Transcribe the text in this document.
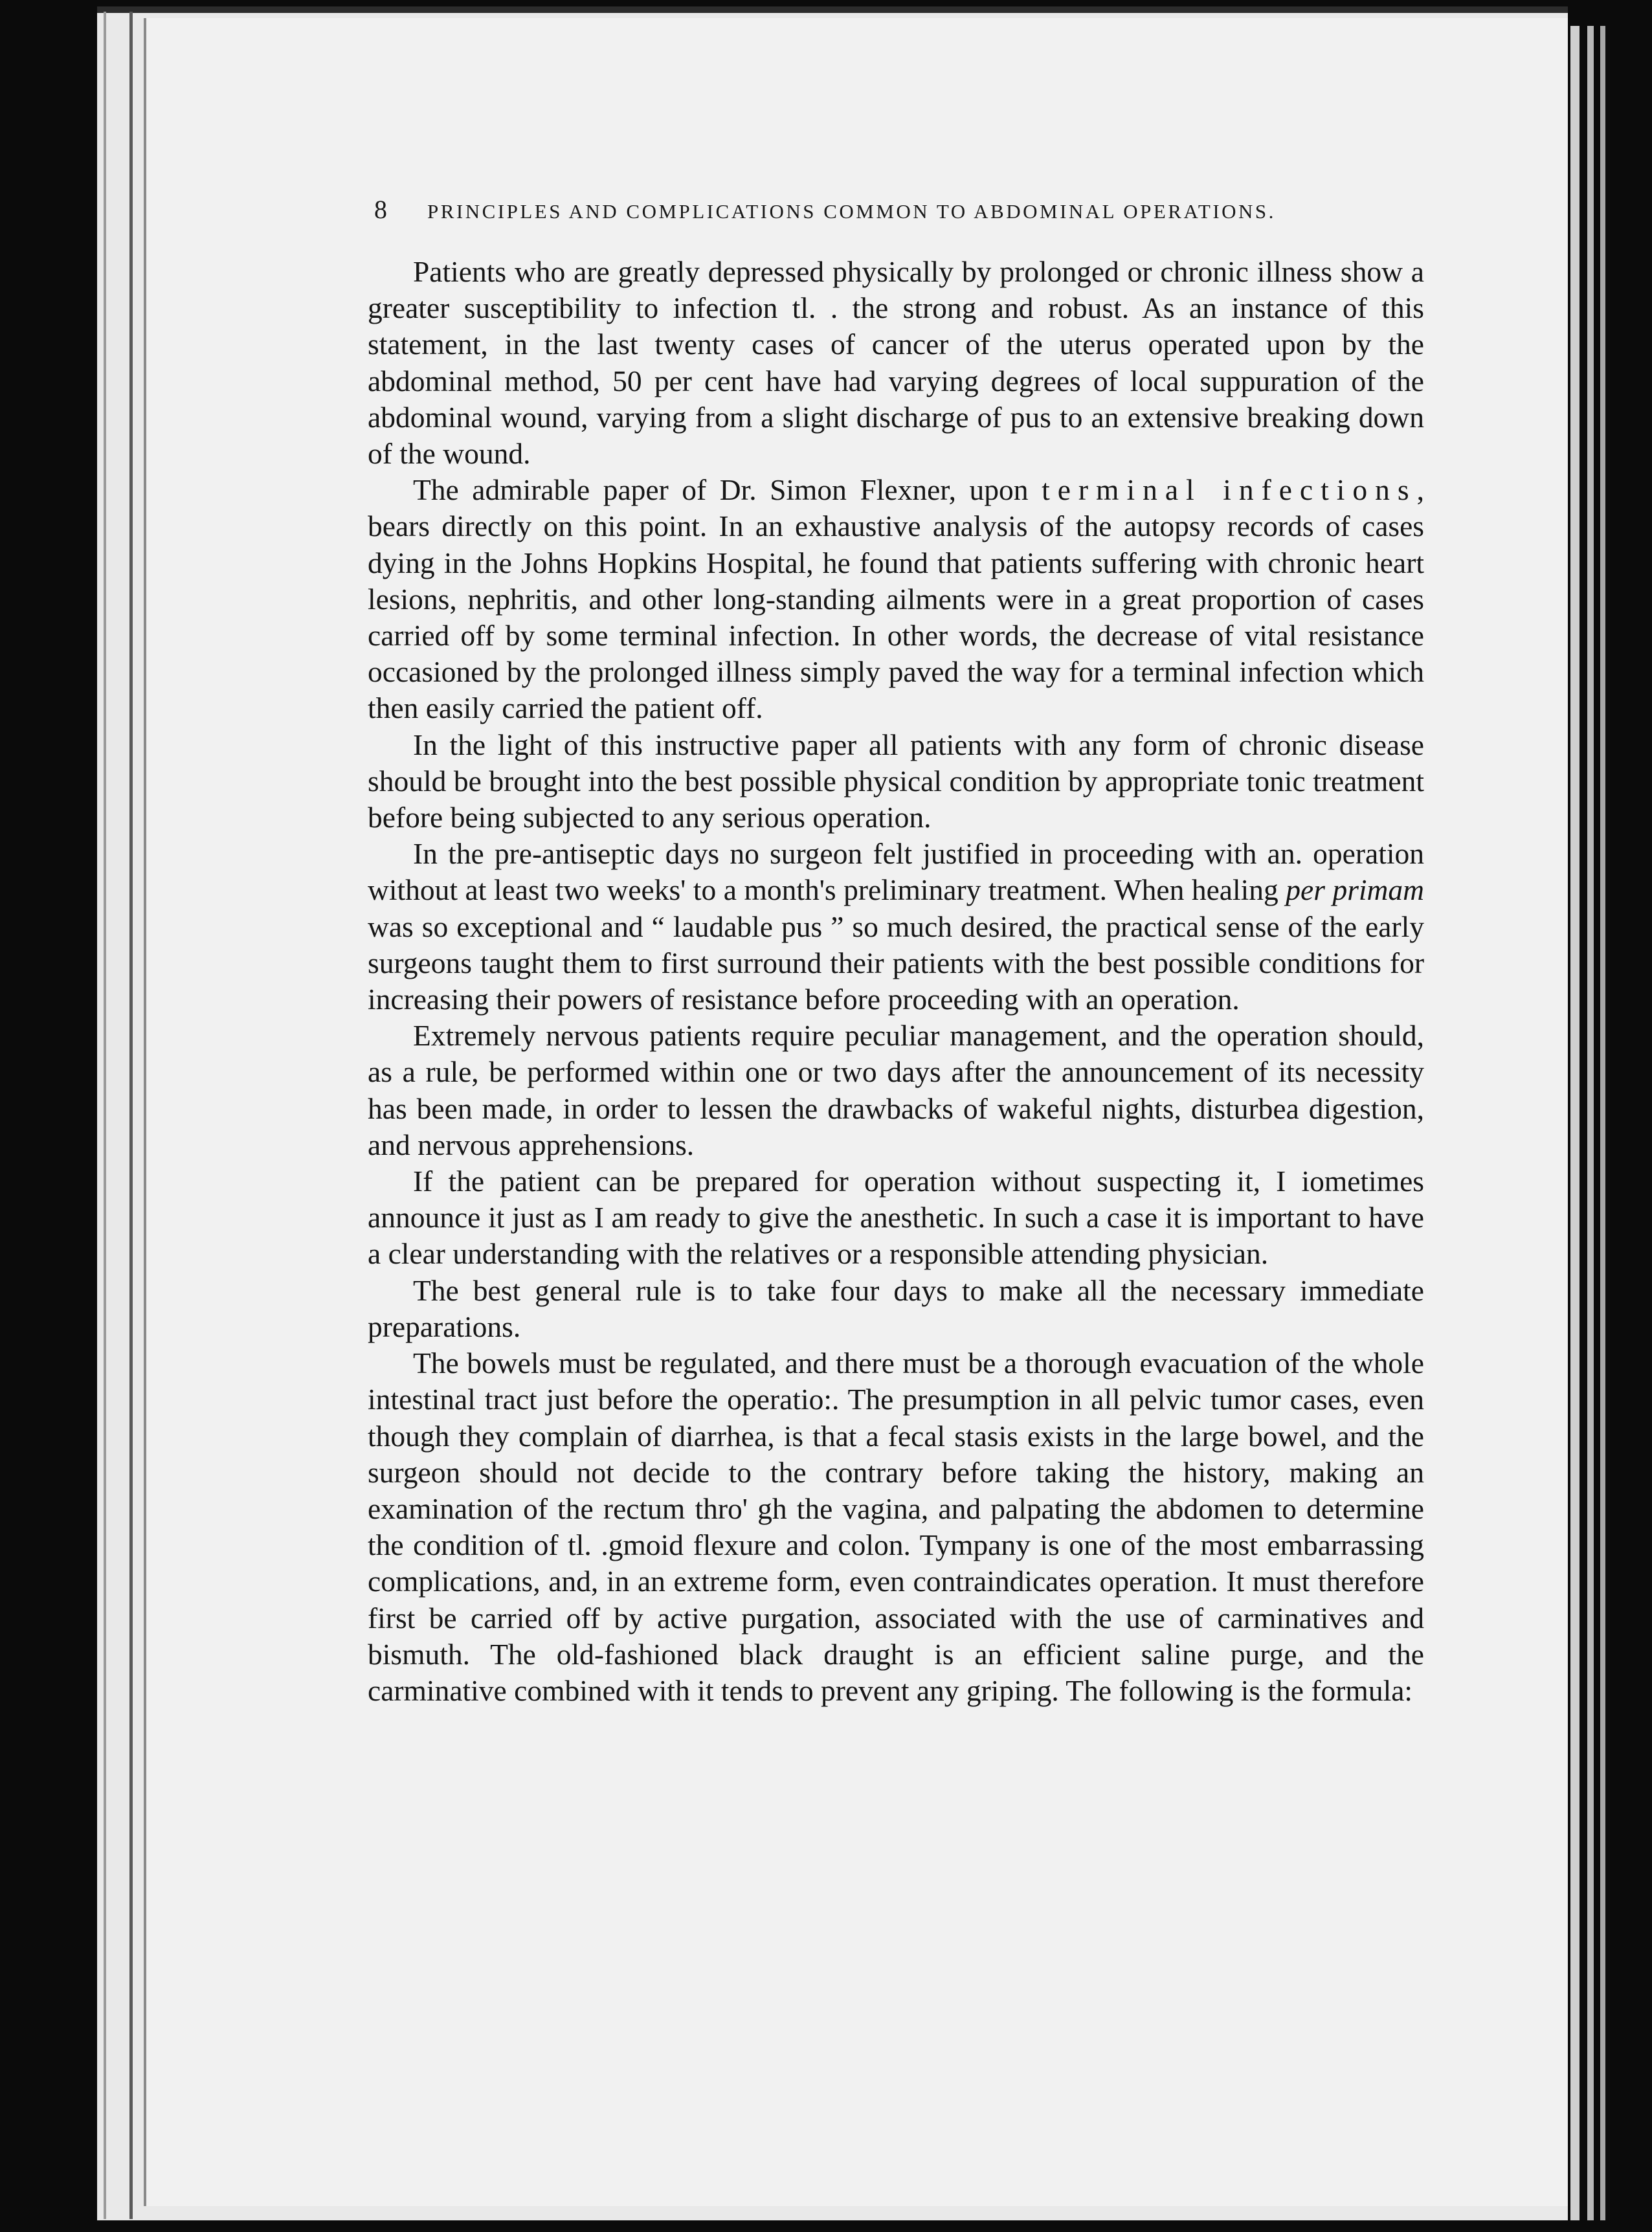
8 PRINCIPLES AND COMPLICATIONS COMMON TO ABDOMINAL OPERATIONS.

Patients who are greatly depressed physically by prolonged or chronic illness show a greater susceptibility to infection tl. . the strong and robust. As an instance of this statement, in the last twenty cases of cancer of the uterus operated upon by the abdominal method, 50 per cent have had varying degrees of local suppuration of the abdominal wound, varying from a slight discharge of pus to an extensive breaking down of the wound.

The admirable paper of Dr. Simon Flexner, upon terminal infections, bears directly on this point. In an exhaustive analysis of the autopsy records of cases dying in the Johns Hopkins Hospital, he found that patients suffering with chronic heart lesions, nephritis, and other long-standing ailments were in a great proportion of cases carried off by some terminal infection. In other words, the decrease of vital resistance occasioned by the prolonged illness simply paved the way for a terminal infection which then easily carried the patient off.

In the light of this instructive paper all patients with any form of chronic disease should be brought into the best possible physical condition by appropriate tonic treatment before being subjected to any serious operation.

In the pre-antiseptic days no surgeon felt justified in proceeding with an. operation without at least two weeks' to a month's preliminary treatment. When healing per primam was so exceptional and “ laudable pus ” so much desired, the practical sense of the early surgeons taught them to first surround their patients with the best possible conditions for increasing their powers of resistance before proceeding with an operation.

Extremely nervous patients require peculiar management, and the operation should, as a rule, be performed within one or two days after the announcement of its necessity has been made, in order to lessen the drawbacks of wakeful nights, disturbea digestion, and nervous apprehensions.

If the patient can be prepared for operation without suspecting it, I iometimes announce it just as I am ready to give the anesthetic. In such a case it is important to have a clear understanding with the relatives or a responsible attending physician.

The best general rule is to take four days to make all the necessary immediate preparations.

The bowels must be regulated, and there must be a thorough evacuation of the whole intestinal tract just before the operatio:. The presumption in all pelvic tumor cases, even though they complain of diarrhea, is that a fecal stasis exists in the large bowel, and the surgeon should not decide to the contrary before taking the history, making an examination of the rectum thro' gh the vagina, and palpating the abdomen to determine the condition of tl. .gmoid flexure and colon. Tympany is one of the most embarrassing complications, and, in an extreme form, even contraindicates operation. It must therefore first be carried off by active purgation, associated with the use of carminatives and bismuth. The old-fashioned black draught is an efficient saline purge, and the carminative combined with it tends to prevent any griping. The following is the formula:
